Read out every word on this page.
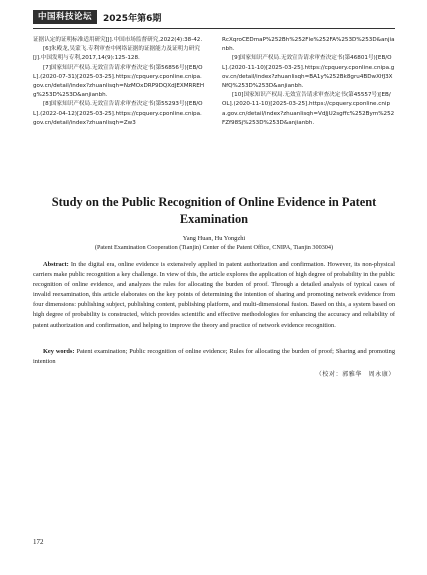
中国科技论坛	2025年第6期

证据认定的证明标准适用研究[J].中国市场监督研究,2022(4):38-42.

[6]朱殿龙,吴蒙飞.专利审查中网络证据的证据能力及证明力研究[J].中国发明与专利,2017,14(9):125-128.

[7]国家知识产权局.无效宣告请求审查决定书(第56856号)[EB/OL].(2020-07-31)[2025-03-25].https://cpquery.cponline.cnipa.gov.cn/detail/index?zhuanlisqh=NzMOxDRP9DQXdJEXMRREHg%253D%253D&anjianbh.

[8]国家知识产权局.无效宣告请求审查决定书(第55293号)[EB/OL].(2022-04-12)[2025-03-25].https://cpquery.cponline.cnipa.gov.cn/detail/index?zhuanlisqh=Zw3

RcXqroCEDmaP%252Bh%252Fle%252FA%253D%253D&anjianbh.

[9]国家知识产权局.无效宣告请求审查决定书(第46801号)[EB/OL].(2020-11-10)[2025-03-25].https://cpquery.cponline.cnipa.gov.cn/detail/index?zhuanlisqh=BA1y%252Bk8gru4BDwXlfJ3XNfQ%253D%253D&anjianbh.

[10]国家知识产权局.无效宣告请求审查决定书(第45557号)[EB/OL].(2020-11-10)[2025-03-25].https://cpquery.cponline.cnipa.gov.cn/detail/index?zhuanlisqh=VdJjU2sgffc%252Bym%252FZf98Sj%253D%253D&anjianbh.

Study on the Public Recognition of Online Evidence in Patent Examination
Yang Huan, Hu Yongzhi
(Patent Examination Cooperation (Tianjin) Center of the Patent Office, CNIPA, Tianjin 300304)

Abstract: In the digital era, online evidence is extensively applied in patent authorization and confirmation. However, its non-physical carriers make public recognition a key challenge. In view of this, the article explores the application of high degree of probability in the public recognition of online evidence, and analyzes the rules for allocating the burden of proof. Through a detailed analysis of typical cases of invalid reexamination, this article elaborates on the key points of determining the intention of sharing and promoting network evidence from four dimensions: publishing subject, publishing content, publishing platform, and multi-dimensional fusion. Based on this, a system based on high degree of probability is constructed, which provides scientific and effective methodologies for enhancing the accuracy and reliability of patent authorization and confirmation, and helping to improve the theory and practice of network evidence recognition.

Key words: Patent examination; Public recognition of online evidence; Rules for allocating the burden of proof; Sharing and promoting intention

（校对：郭雅华　周永康）
172
